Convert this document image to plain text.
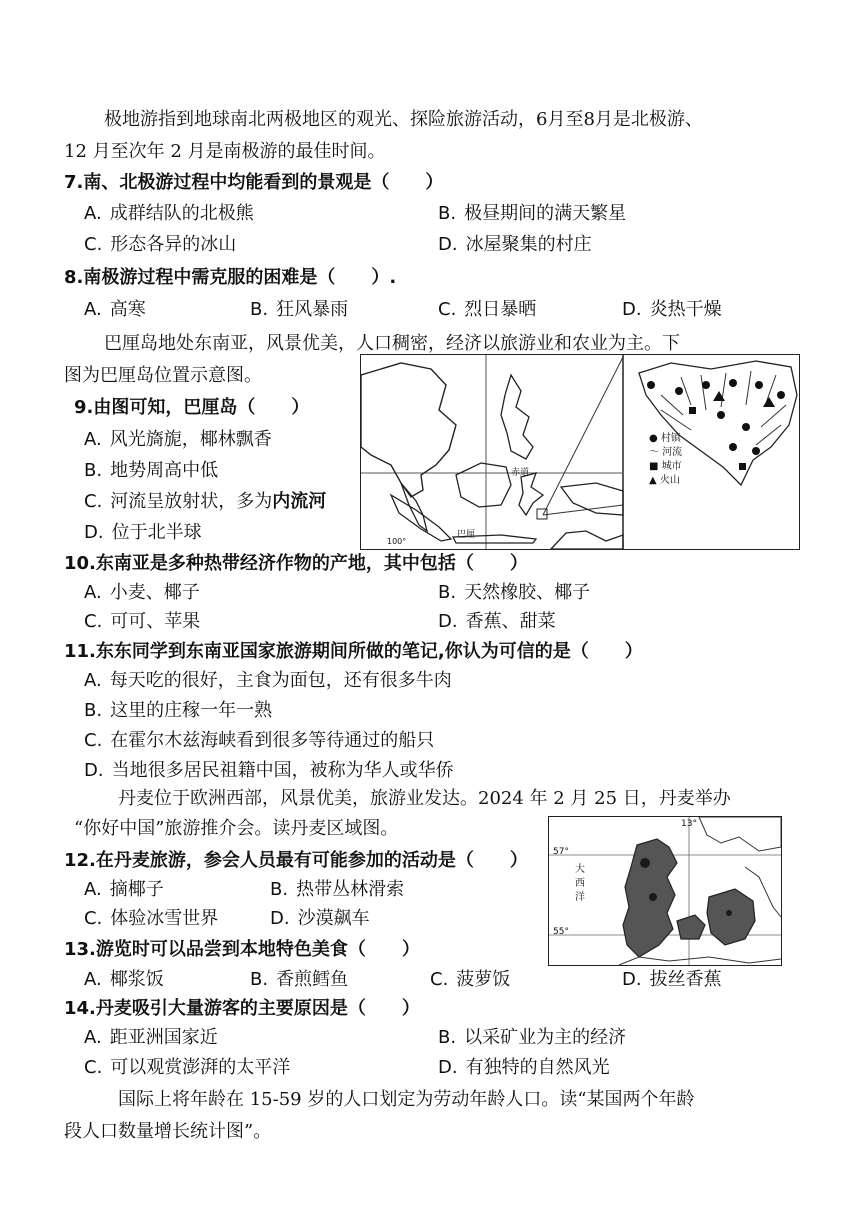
极地游指到地球南北两极地区的观光、探险旅游活动，6月至8月是北极游、
12 月至次年 2 月是南极游的最佳时间。
7.南、北极游过程中均能看到的景观是（　　）
A. 成群结队的北极熊	B. 极昼期间的满天繁星
C. 形态各异的冰山	D. 冰屋聚集的村庄
8.南极游过程中需克服的困难是（　　）.
A. 高寒	B. 狂风暴雨	C. 烈日暴晒	D. 炎热干燥
巴厘岛地处东南亚，风景优美，人口稠密，经济以旅游业和农业为主。下
图为巴厘岛位置示意图。
9.由图可知，巴厘岛（　　）
A. 风光旖旎，椰林飘香
B. 地势周高中低
C. 河流呈放射状，多为内流河
D. 位于北半球
赤道
100°
巴厘
● 村镇
～ 河流
■ 城市
▲ 火山
10.东南亚是多种热带经济作物的产地，其中包括（　　）
A. 小麦、椰子	B. 天然橡胶、椰子
C. 可可、苹果	D. 香蕉、甜菜
11.东东同学到东南亚国家旅游期间所做的笔记,你认为可信的是（　　）
A. 每天吃的很好，主食为面包，还有很多牛肉
B. 这里的庄稼一年一熟
C. 在霍尔木兹海峡看到很多等待通过的船只
D. 当地很多居民祖籍中国，被称为华人或华侨
丹麦位于欧洲西部，风景优美，旅游业发达。2024 年 2 月 25 日，丹麦举办
“你好中国”旅游推介会。读丹麦区域图。
57°
55°
13°
大西洋
12.在丹麦旅游，参会人员最有可能参加的活动是（　　）
A. 摘椰子	B. 热带丛林滑索
C. 体验冰雪世界	D. 沙漠飙车
13.游览时可以品尝到本地特色美食（　　）
A. 椰浆饭	B. 香煎鳕鱼	C. 菠萝饭	D. 拔丝香蕉
14.丹麦吸引大量游客的主要原因是（　　）
A. 距亚洲国家近	B. 以采矿业为主的经济
C. 可以观赏澎湃的太平洋	D. 有独特的自然风光
国际上将年龄在 15-59 岁的人口划定为劳动年龄人口。读“某国两个年龄
段人口数量增长统计图”。
